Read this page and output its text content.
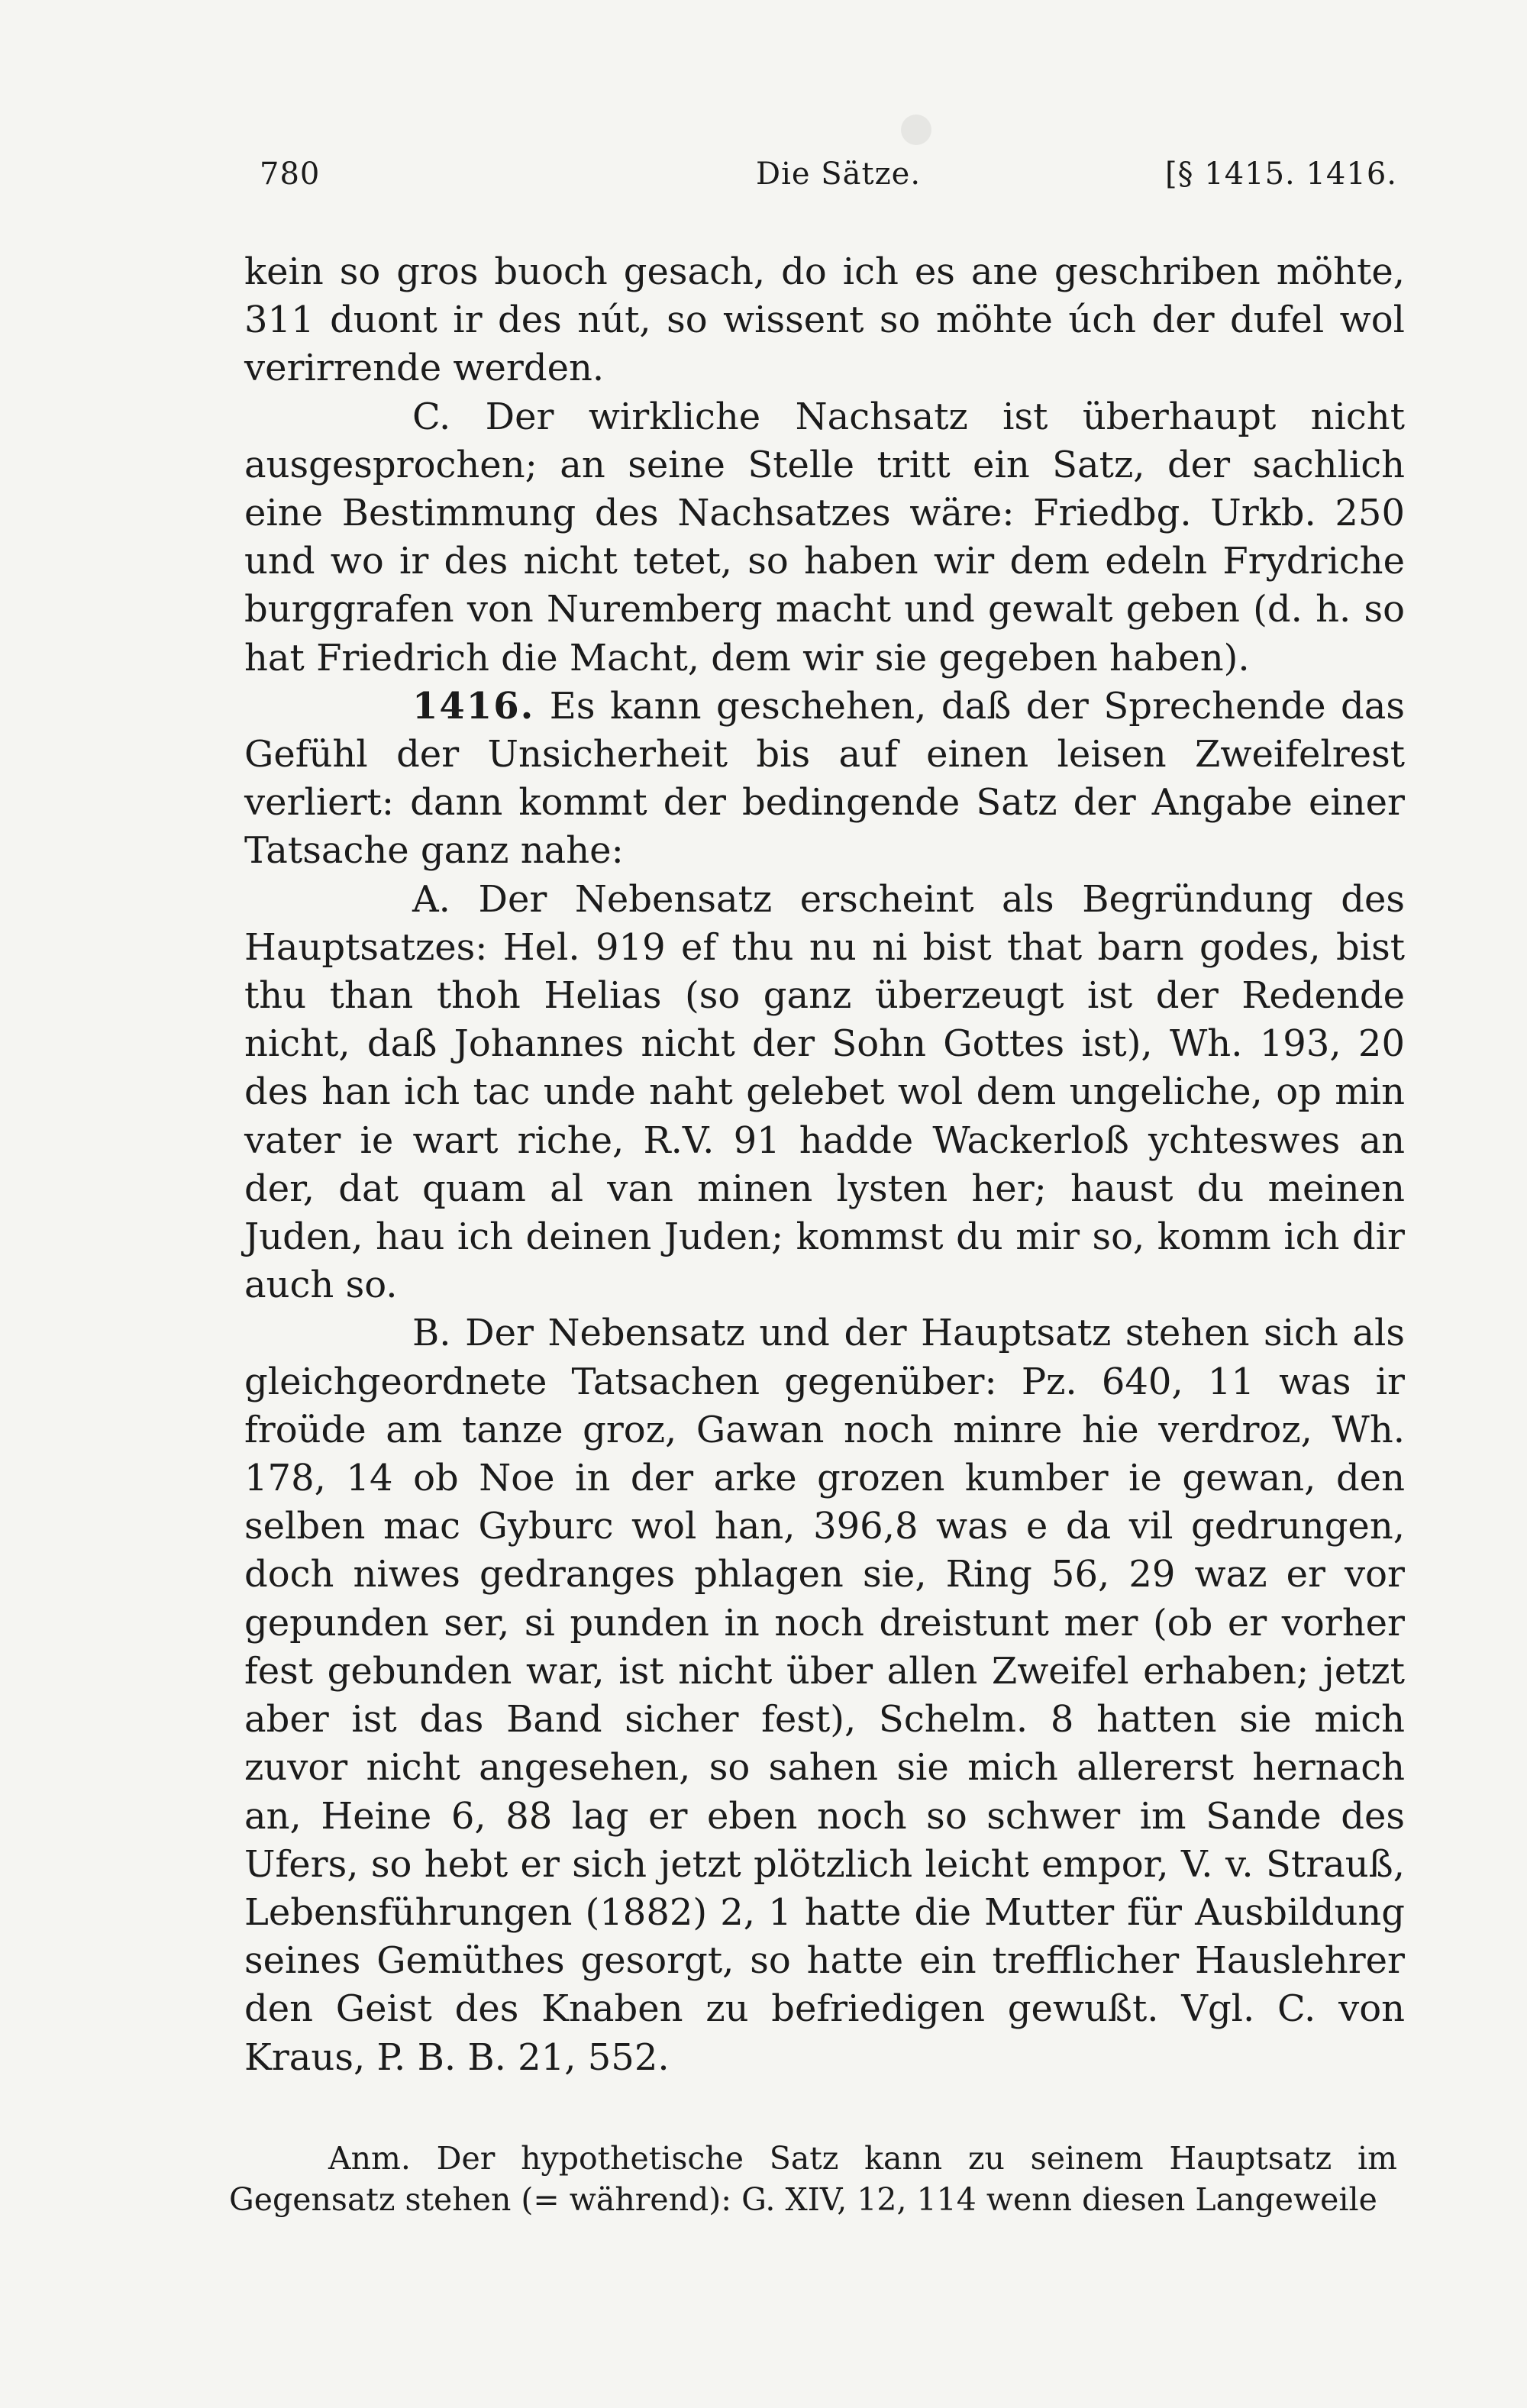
780	Die Sätze.	[§ 1415. 1416.

kein so gros buoch gesach, do ich es ane geschriben möhte, 311 duont ir des nút, so wissent so möhte úch der dufel wol verirrende werden.

C. Der wirkliche Nachsatz ist überhaupt nicht ausgesprochen; an seine Stelle tritt ein Satz, der sachlich eine Bestimmung des Nachsatzes wäre: Friedbg. Urkb. 250 und wo ir des nicht tetet, so haben wir dem edeln Frydriche burggrafen von Nuremberg macht und gewalt geben (d. h. so hat Friedrich die Macht, dem wir sie gegeben haben).

1416. Es kann geschehen, daß der Sprechende das Gefühl der Unsicherheit bis auf einen leisen Zweifelrest verliert: dann kommt der bedingende Satz der Angabe einer Tatsache ganz nahe:

A. Der Nebensatz erscheint als Begründung des Hauptsatzes: Hel. 919 ef thu nu ni bist that barn godes, bist thu than thoh Helias (so ganz überzeugt ist der Redende nicht, daß Johannes nicht der Sohn Gottes ist), Wh. 193, 20 des han ich tac unde naht gelebet wol dem ungeliche, op min vater ie wart riche, R.V. 91 hadde Wackerloß ychteswes an der, dat quam al van minen lysten her; haust du meinen Juden, hau ich deinen Juden; kommst du mir so, komm ich dir auch so.

B. Der Nebensatz und der Hauptsatz stehen sich als gleichgeordnete Tatsachen gegenüber: Pz. 640, 11 was ir froüde am tanze groz, Gawan noch minre hie verdroz, Wh. 178, 14 ob Noe in der arke grozen kumber ie gewan, den selben mac Gyburc wol han, 396,8 was e da vil gedrungen, doch niwes gedranges phlagen sie, Ring 56, 29 waz er vor gepunden ser, si punden in noch dreistunt mer (ob er vorher fest gebunden war, ist nicht über allen Zweifel erhaben; jetzt aber ist das Band sicher fest), Schelm. 8 hatten sie mich zuvor nicht angesehen, so sahen sie mich allererst hernach an, Heine 6, 88 lag er eben noch so schwer im Sande des Ufers, so hebt er sich jetzt plötzlich leicht empor, V. v. Strauß, Lebensführungen (1882) 2, 1 hatte die Mutter für Ausbildung seines Gemüthes gesorgt, so hatte ein trefflicher Hauslehrer den Geist des Knaben zu befriedigen gewußt. Vgl. C. von Kraus, P. B. B. 21, 552.

Anm. Der hypothetische Satz kann zu seinem Hauptsatz im Gegensatz stehen (= während): G. XIV, 12, 114 wenn diesen Langeweile
